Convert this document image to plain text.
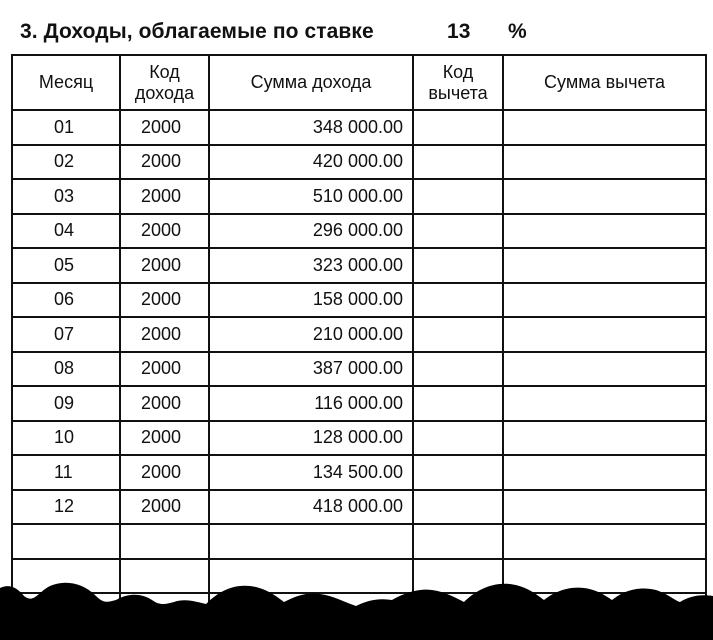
3. Доходы, облагаемые по ставке	13 %
Месяц	Код дохода	Сумма дохода	Код вычета	Сумма вычета
01	2000	348 000.00		
02	2000	420 000.00		
03	2000	510 000.00		
04	2000	296 000.00		
05	2000	323 000.00		
06	2000	158 000.00		
07	2000	210 000.00		
08	2000	387 000.00		
09	2000	116 000.00		
10	2000	128 000.00		
11	2000	134 500.00		
12	2000	418 000.00		
